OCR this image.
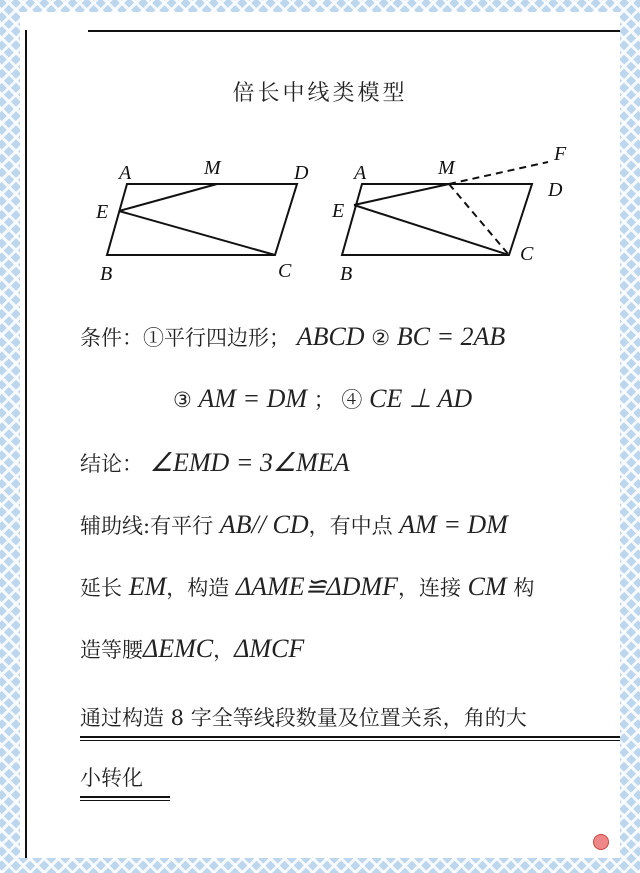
倍长中线类模型
A	M	D
E
B	C
A	M
F
D
E
B
C
条件：①平行四边形； ABCD ② BC = 2AB
③ AM = DM ； ④ CE ⊥ AD
结论： ∠EMD = 3∠MEA
辅助线:有平行 AB// CD，有中点 AM = DM
延长 EM，构造 ΔAME≌ΔDMF，连接 CM 构
造等腰ΔEMC，ΔMCF
通过构造 8 字全等线段数量及位置关系，角的大
小转化
